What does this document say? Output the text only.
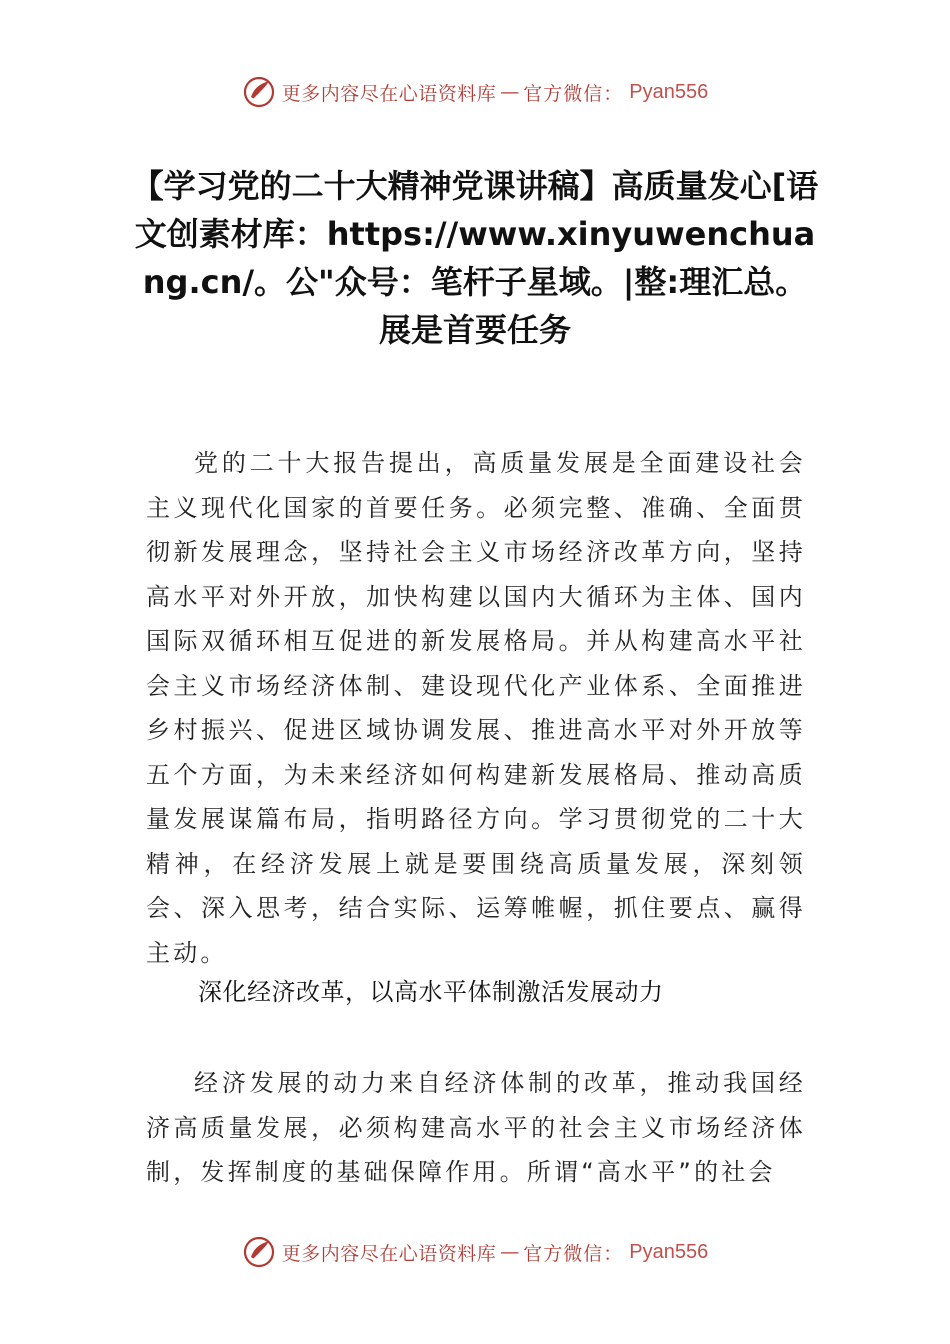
更多内容尽在心语资料库 — 官方微信： Pyan556
【学习党的二十大精神党课讲稿】高质量发心[语文创素材库：https://www.xinyuwenchuang.cn/。公"众号：笔杆子星域。|整:理汇总。展是首要任务

党的二十大报告提出，高质量发展是全面建设社会主义现代化国家的首要任务。必须完整、准确、全面贯彻新发展理念，坚持社会主义市场经济改革方向，坚持高水平对外开放，加快构建以国内大循环为主体、国内国际双循环相互促进的新发展格局。并从构建高水平社会主义市场经济体制、建设现代化产业体系、全面推进乡村振兴、促进区域协调发展、推进高水平对外开放等五个方面，为未来经济如何构建新发展格局、推动高质量发展谋篇布局，指明路径方向。学习贯彻党的二十大精神，在经济发展上就是要围绕高质量发展，深刻领会、深入思考，结合实际、运筹帷幄，抓住要点、赢得主动。

深化经济改革，以高水平体制激活发展动力

经济发展的动力来自经济体制的改革，推动我国经济高质量发展，必须构建高水平的社会主义市场经济体制，发挥制度的基础保障作用。所谓“高水平”的社会

更多内容尽在心语资料库 — 官方微信： Pyan556
